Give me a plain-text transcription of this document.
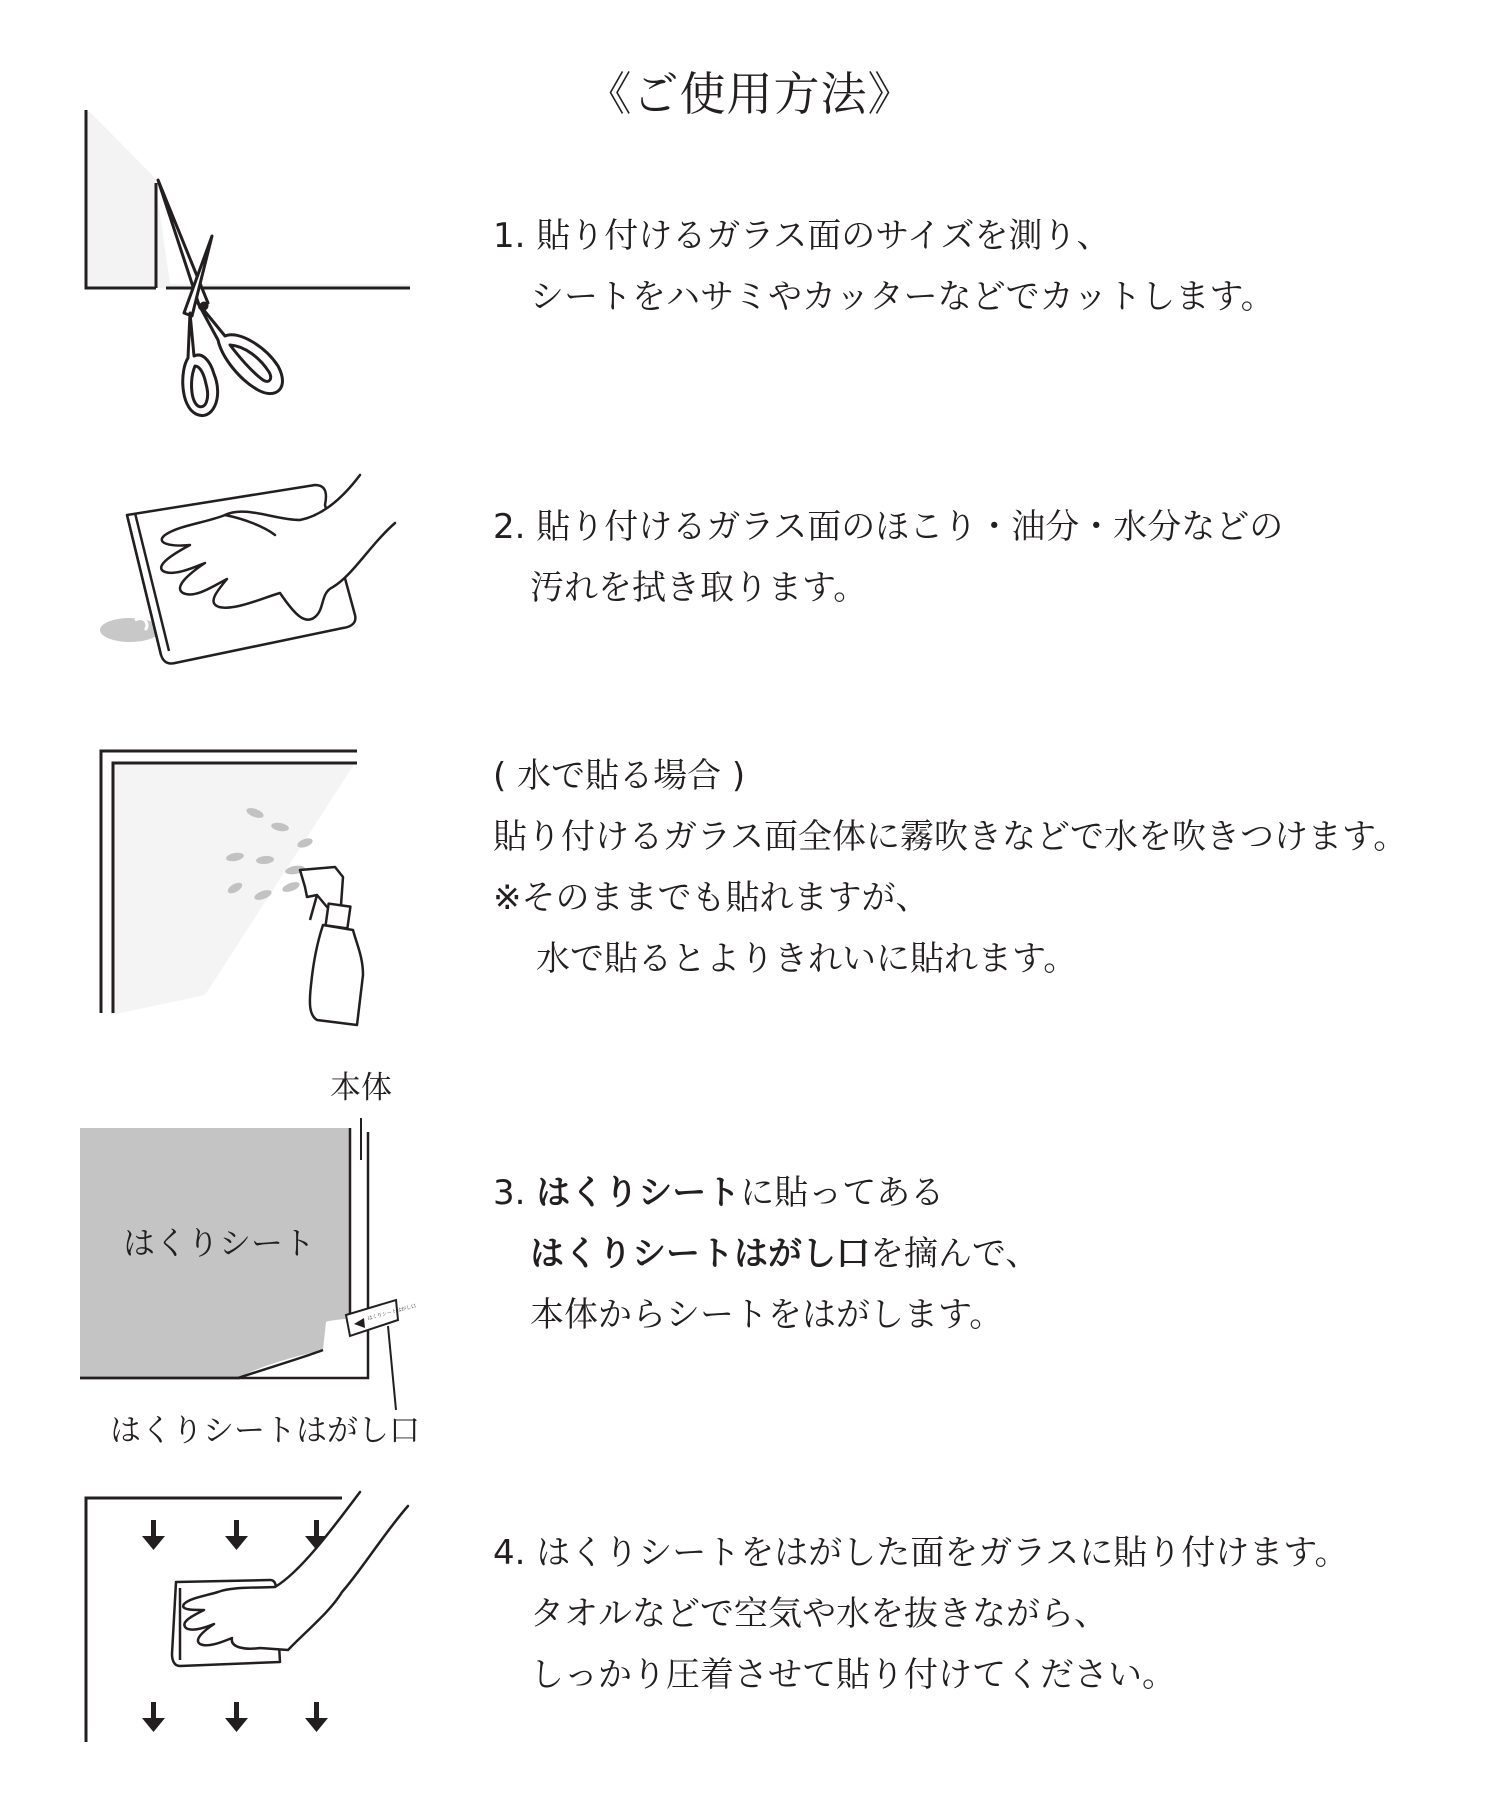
《ご使用方法》
はくりシートはがし口
はくりシート
本体
はくりシートはがし口
1. 貼り付けるガラス面のサイズを測り、
シートをハサミやカッターなどでカットします。
2. 貼り付けるガラス面のほこり・油分・水分などの
汚れを拭き取ります。
( 水で貼る場合 )
貼り付けるガラス面全体に霧吹きなどで水を吹きつけます。
※そのままでも貼れますが、
水で貼るとよりきれいに貼れます。
3. はくりシートに貼ってある
はくりシートはがし口を摘んで、
本体からシートをはがします。
4. はくりシートをはがした面をガラスに貼り付けます。
タオルなどで空気や水を抜きながら、
しっかり圧着させて貼り付けてください。
